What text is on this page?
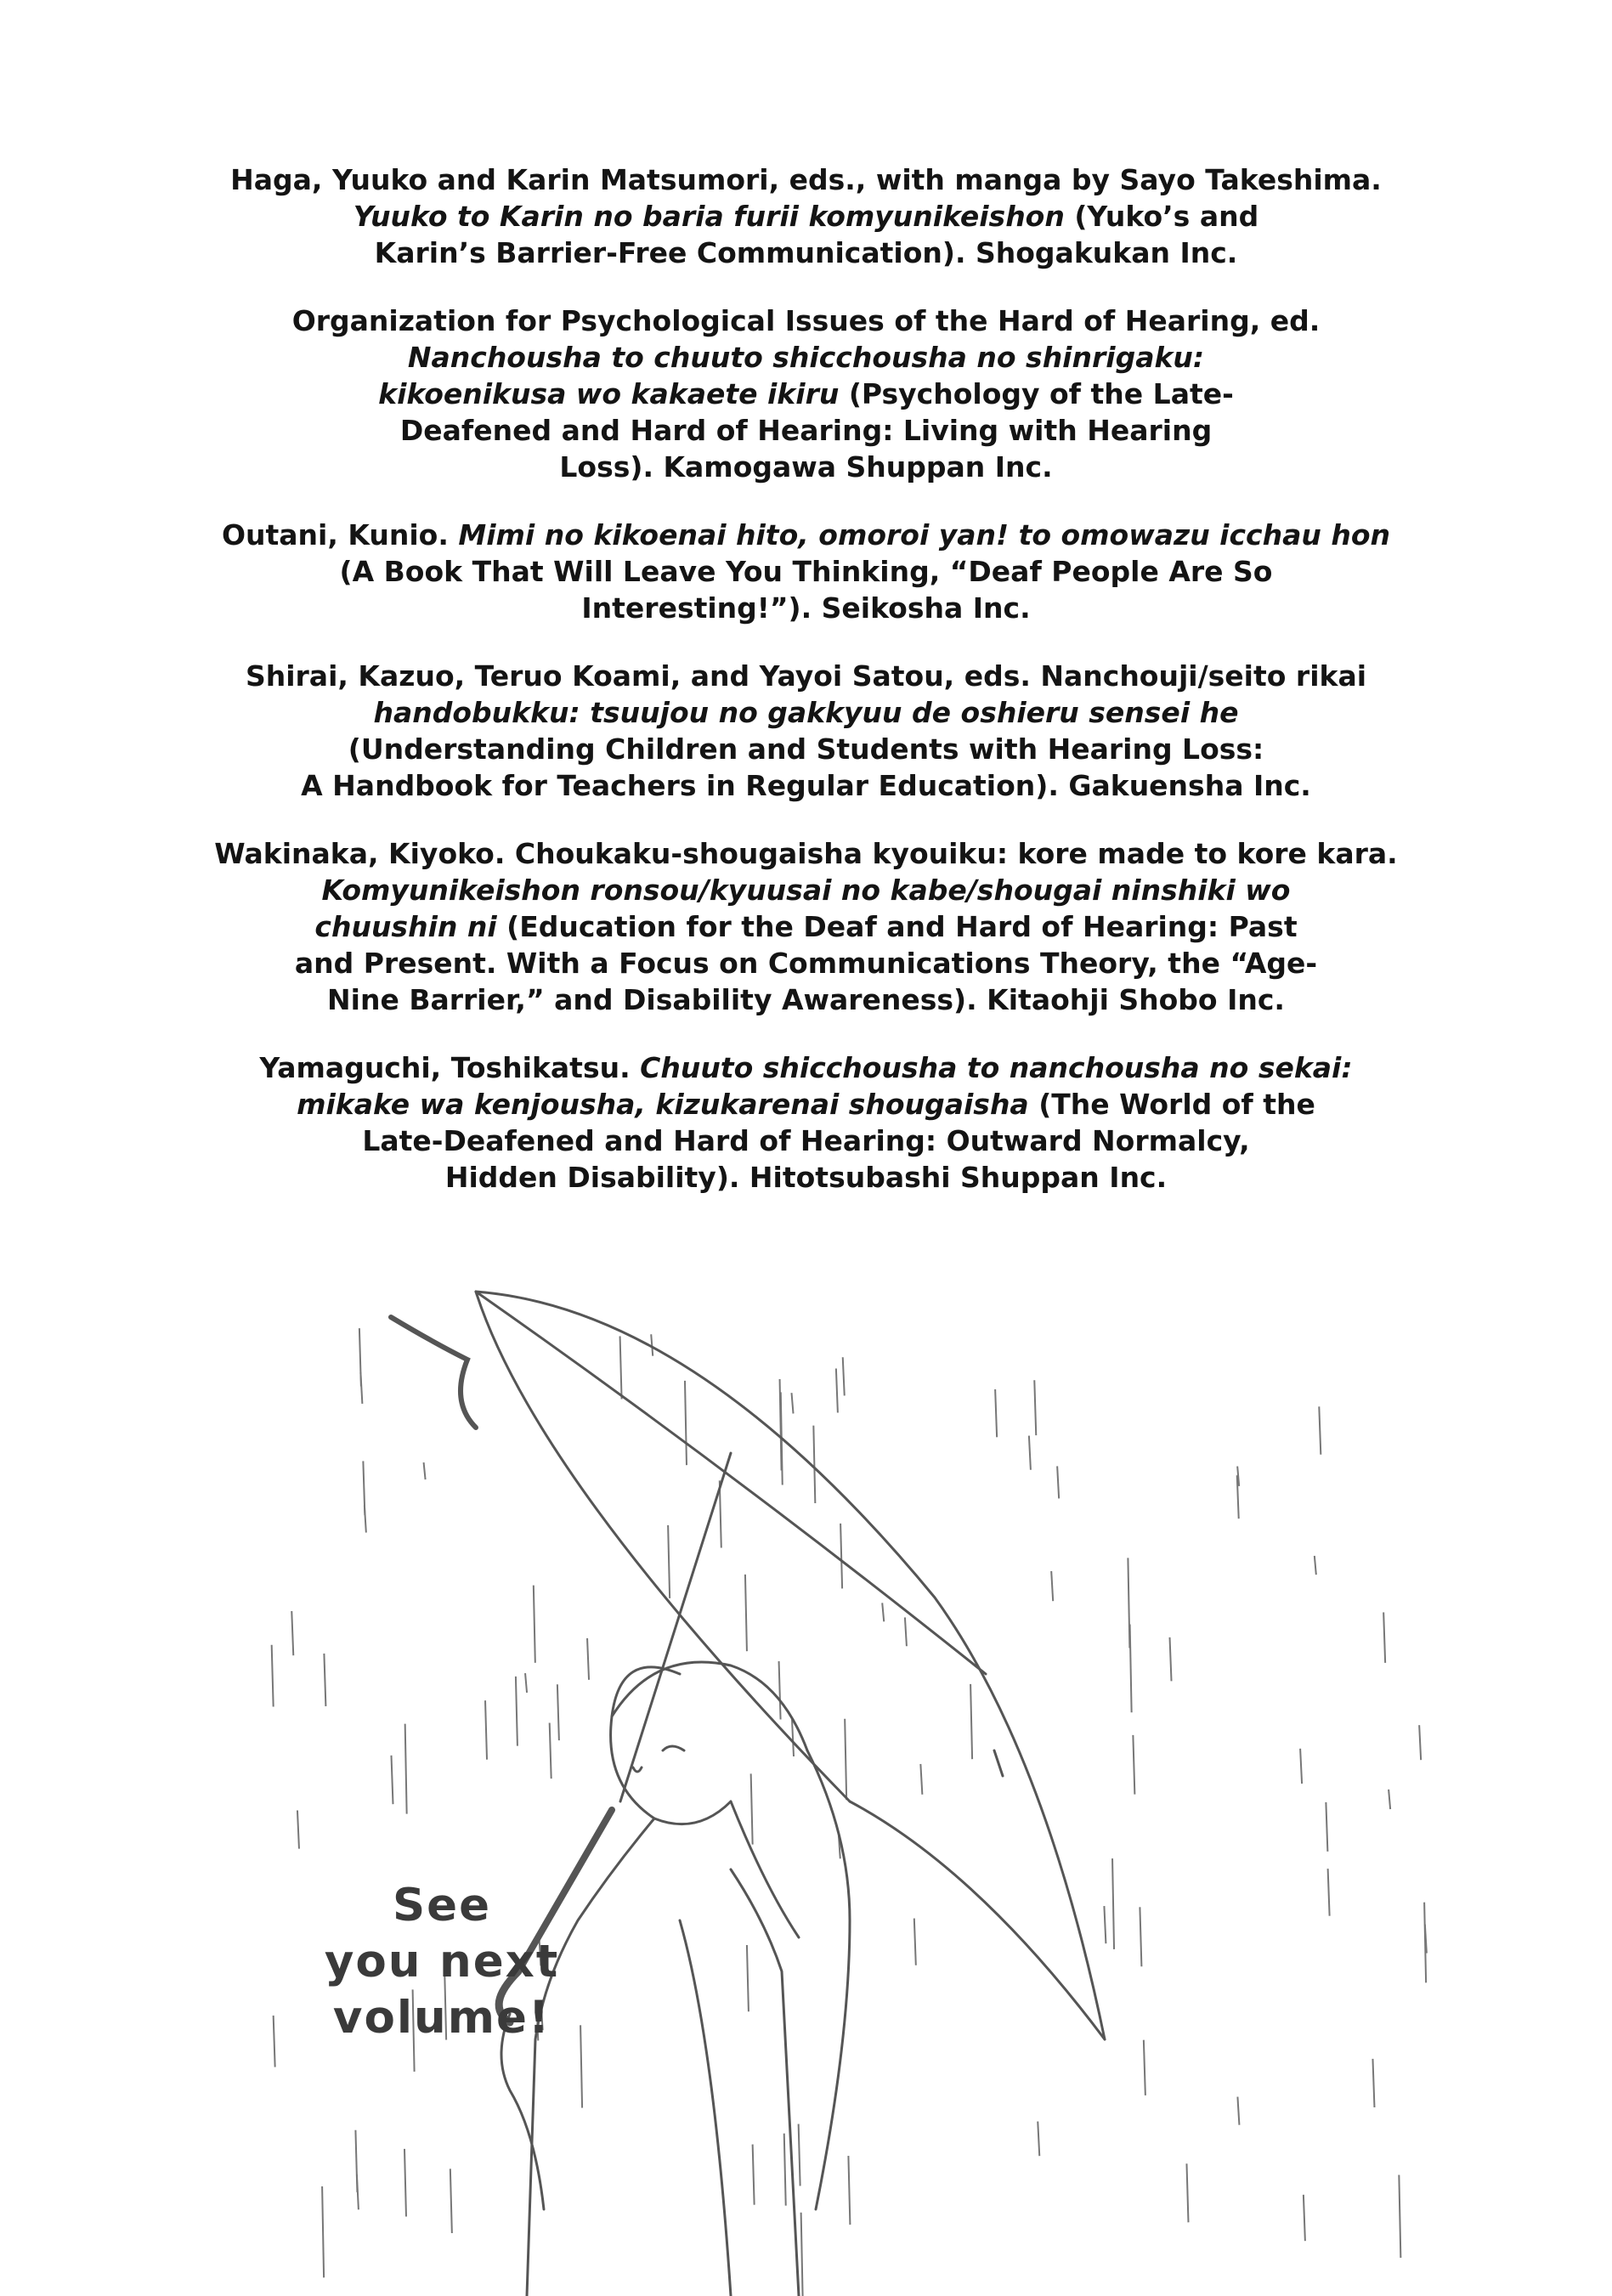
Haga, Yuuko and Karin Matsumori, eds., with manga by Sayo Takeshima.
Yuuko to Karin no baria furii komyunikeishon (Yuko’s and
Karin’s Barrier-Free Communication). Shogakukan Inc.
Organization for Psychological Issues of the Hard of Hearing, ed.
Nanchousha to chuuto shicchousha no shinrigaku:
kikoenikusa wo kakaete ikiru (Psychology of the Late-
Deafened and Hard of Hearing: Living with Hearing
Loss). Kamogawa Shuppan Inc.
Outani, Kunio. Mimi no kikoenai hito, omoroi yan! to omowazu icchau hon
(A Book That Will Leave You Thinking, “Deaf People Are So
Interesting!”). Seikosha Inc.
Shirai, Kazuo, Teruo Koami, and Yayoi Satou, eds. Nanchouji/seito rikai
handobukku: tsuujou no gakkyuu de oshieru sensei he
(Understanding Children and Students with Hearing Loss:
A Handbook for Teachers in Regular Education). Gakuensha Inc.
Wakinaka, Kiyoko. Choukaku-shougaisha kyouiku: kore made to kore kara.
Komyunikeishon ronsou/kyuusai no kabe/shougai ninshiki wo
chuushin ni (Education for the Deaf and Hard of Hearing: Past
and Present. With a Focus on Communications Theory, the “Age-
Nine Barrier,” and Disability Awareness). Kitaohji Shobo Inc.
Yamaguchi, Toshikatsu. Chuuto shicchousha to nanchousha no sekai:
mikake wa kenjousha, kizukarenai shougaisha (The World of the
Late-Deafened and Hard of Hearing: Outward Normalcy,
Hidden Disability). Hitotsubashi Shuppan Inc.
See
you next
volume!
